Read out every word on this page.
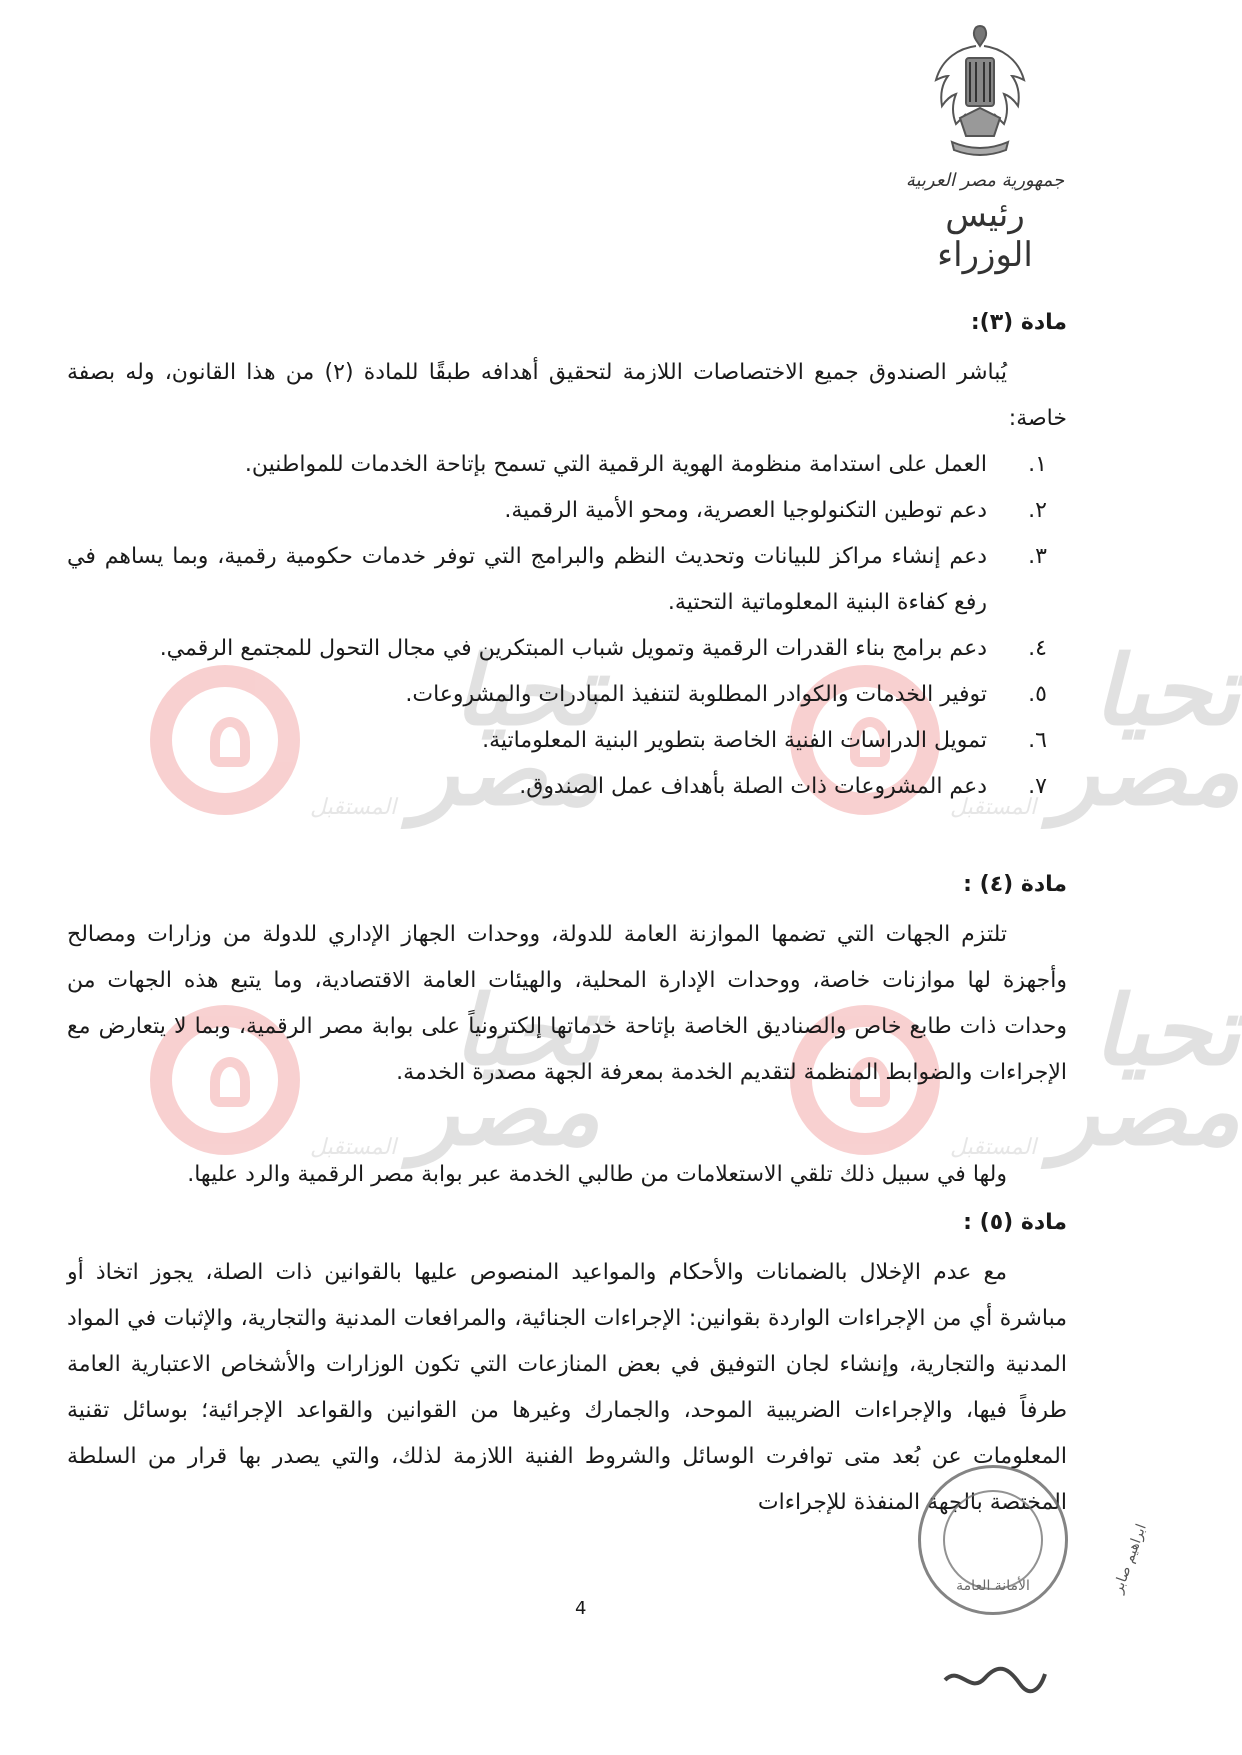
جمهورية مصر العربية
رئيس الوزراء
تحيا
مصر
المستقبل
تحيا
مصر
المستقبل
تحيا
مصر
المستقبل
تحيا
مصر
المستقبل
مادة (٣):
يُباشر الصندوق جميع الاختصاصات اللازمة لتحقيق أهدافه طبقًا للمادة (٢) من هذا القانون، وله بصفة خاصة:
١.
العمل على استدامة منظومة الهوية الرقمية التي تسمح بإتاحة الخدمات للمواطنين.
٢.
دعم توطين التكنولوجيا العصرية، ومحو الأمية الرقمية.
٣.
دعم إنشاء مراكز للبيانات وتحديث النظم والبرامج التي توفر خدمات حكومية رقمية، وبما يساهم في رفع كفاءة البنية المعلوماتية التحتية.
٤.
دعم برامج بناء القدرات الرقمية وتمويل شباب المبتكرين في مجال التحول للمجتمع الرقمي.
٥.
توفير الخدمات والكوادر المطلوبة لتنفيذ المبادرات والمشروعات.
٦.
تمويل الدراسات الفنية الخاصة بتطوير البنية المعلوماتية.
٧.
دعم المشروعات ذات الصلة بأهداف عمل الصندوق.
مادة (٤) :
تلتزم الجهات التي تضمها الموازنة العامة للدولة، ووحدات الجهاز الإداري للدولة من وزارات ومصالح وأجهزة لها موازنات خاصة، ووحدات الإدارة المحلية، والهيئات العامة الاقتصادية، وما يتبع هذه الجهات من وحدات ذات طابع خاص والصناديق الخاصة بإتاحة خدماتها إلكترونياً على بوابة مصر الرقمية، وبما لا يتعارض مع الإجراءات والضوابط المنظمة لتقديم الخدمة بمعرفة الجهة مصدرة الخدمة.
ولها في سبيل ذلك تلقي الاستعلامات من طالبي الخدمة عبر بوابة مصر الرقمية والرد عليها.
مادة (٥) :
مع عدم الإخلال بالضمانات والأحكام والمواعيد المنصوص عليها بالقوانين ذات الصلة، يجوز اتخاذ أو مباشرة أي من الإجراءات الواردة بقوانين: الإجراءات الجنائية، والمرافعات المدنية والتجارية، والإثبات في المواد المدنية والتجارية، وإنشاء لجان التوفيق في بعض المنازعات التي تكون الوزارات والأشخاص الاعتبارية العامة طرفاً فيها، والإجراءات الضريبية الموحد، والجمارك وغيرها من القوانين والقواعد الإجرائية؛ بوسائل تقنية المعلومات عن بُعد متى توافرت الوسائل والشروط الفنية اللازمة لذلك، والتي يصدر بها قرار من السلطة المختصة بالجهة المنفذة للإجراءات
4
الأمانة العامة	ابراهيم صابر
